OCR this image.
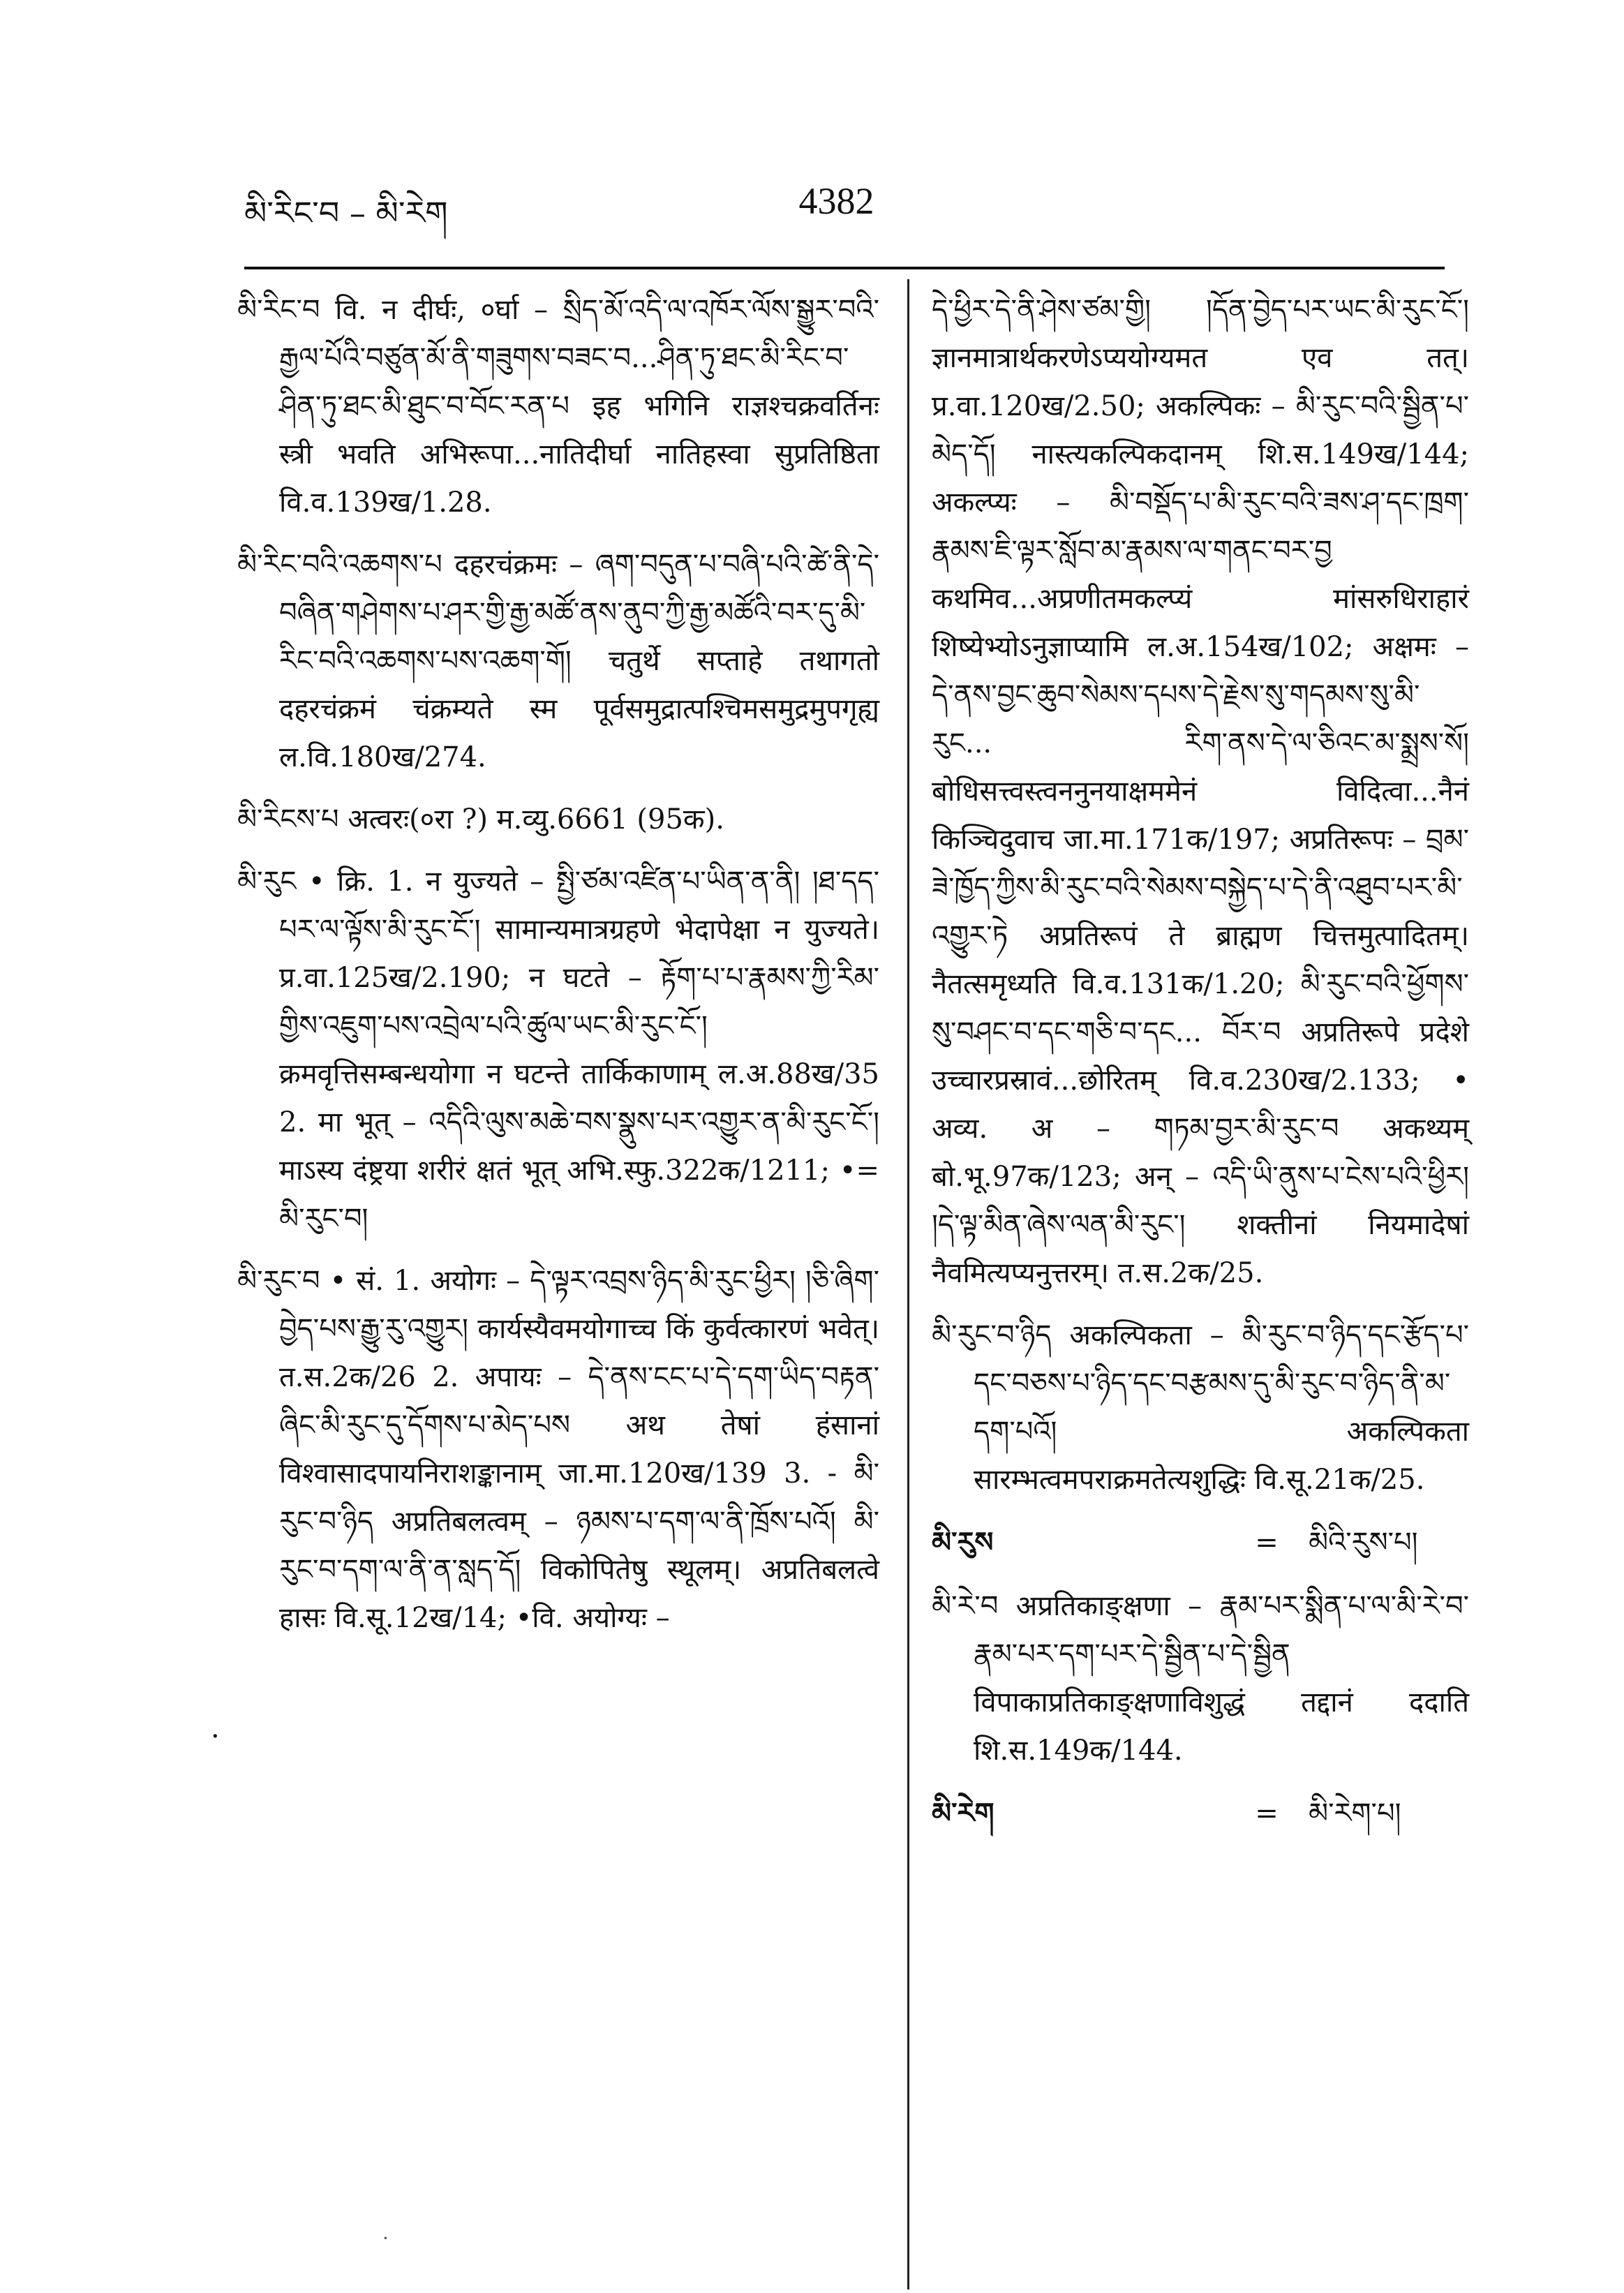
མི་རིང་བ – མི་རེག	4382

མི་རིང་བ वि. न दीर्घः, ०र्घा – སྲིད་མོ་འདི་ལ་འཁོར་ལོས་སྒྱུར་བའི་རྒྱལ་པོའི་བཙུན་མོ་ནི་གཟུགས་བཟང་བ...ཤིན་ཏུ་ཐང་མི་རིང་བ་ཤིན་ཏུ་ཐང་མི་ཐུང་བ་བོང་རན་པ इह भगिनि राज्ञश्चक्रवर्तिनः स्त्री भवति अभिरूपा...नातिदीर्घा नातिहस्वा सुप्रतिष्ठिता वि.व.139ख/1.28.

མི་རིང་བའི་འཆགས་པ दहरचंक्रमः – ཞག་བདུན་པ་བཞི་པའི་ཚེ་ནི་དེ་བཞིན་གཤེགས་པ་ཤར་གྱི་རྒྱ་མཚོ་ནས་ནུབ་ཀྱི་རྒྱ་མཚོའི་བར་དུ་མི་རིང་བའི་འཆགས་པས་འཆག་གོ། चतुर्थे सप्ताहे तथागतो दहरचंक्रमं चंक्रम्यते स्म पूर्वसमुद्रात्पश्चिमसमुद्रमुपगृह्य ल.वि.180ख/274.

མི་རིངས་པ अत्वरः(०रा ?) म.व्यु.6661 (95क).

མི་རུང • क्रि. 1. न युज्यते – སྤྱི་ཙམ་འཛིན་པ་ཡིན་ན་ནི། །ཐ་དད་པར་ལ་ལྟོས་མི་རུང་ངོ་། सामान्यमात्रग्रहणे भेदापेक्षा न युज्यते। प्र.वा.125ख/2.190; न घटते – རྟོག་པ་པ་རྣམས་ཀྱི་རིམ་གྱིས་འཇུག་པས་འབྲེལ་པའི་ཚུལ་ཡང་མི་རུང་ངོ་། क्रमवृत्तिसम्बन्धयोगा न घटन्ते तार्किकाणाम् ल.अ.88ख/35 2. मा भूत् – འདིའི་ལུས་མཆེ་བས་སྣུས་པར་འགྱུར་ན་མི་རུང་ངོ་། माऽस्य दंष्ट्रया शरीरं क्षतं भूत् अभि.स्फु.322क/1211; •= མི་རུང་བ།

མི་རུང་བ • सं. 1. अयोगः – དེ་ལྟར་འབྲས་ཉིད་མི་རུང་ཕྱིར། །ཅི་ཞིག་བྱེད་པས་རྒྱུ་རུ་འགྱུར། कार्यस्यैवमयोगाच्च किं कुर्वत्कारणं भवेत्। त.स.2क/26 2. अपायः – དེ་ནས་ངང་པ་དེ་དག་ཡིད་བརྟན་ཞིང་མི་རུང་དུ་དོགས་པ་མེད་པས अथ तेषां हंसानां विश्वासादपायनिराशङ्कानाम् जा.मा.120ख/139 3. - མི་རུང་བ་ཉིད अप्रतिबलत्वम् – ཉམས་པ་དག་ལ་ནི་ཁྲོས་པའོ། མི་རུང་བ་དག་ལ་ནི་ན་སླད་དོ། विकोपितेषु स्थूलम्। अप्रतिबलत्वे हासः वि.सू.12ख/14; •वि. अयोग्यः –

དེ་ཕྱིར་དེ་ནི་ཤེས་ཙམ་གྱི། །དོན་བྱེད་པར་ཡང་མི་རུང་ངོ་། ज्ञानमात्रार्थकरणेऽप्ययोग्यमत एव तत्। प्र.वा.120ख/2.50; अकल्पिकः – མི་རུང་བའི་སྦྱིན་པ་མེད་དོ། नास्त्यकल्पिकदानम् शि.स.149ख/144; अकल्प्यः – མི་བསྡོད་པ་མི་རུང་བའི་ཟས་ཤ་དང་ཁྲག་རྣམས་ཇི་ལྟར་སློབ་མ་རྣམས་ལ་གནང་བར་བྱ कथमिव...अप्रणीतमकल्प्यं मांसरुधिराहारं शिष्येभ्योऽनुज्ञाप्यामि ल.अ.154ख/102; अक्षमः – དེ་ནས་བྱང་ཆུབ་སེམས་དཔས་དེ་རྗེས་སུ་གདམས་སུ་མི་རུང... རིག་ནས་དེ་ལ་ཅིའང་མ་སྨྲས་སོ། बोधिसत्त्वस्त्वननुनयाक्षममेनं विदित्वा...नैनं किञ्चिदुवाच जा.मा.171क/197; अप्रतिरूपः – བྲམ་ཟེ་ཁྱོད་ཀྱིས་མི་རུང་བའི་སེམས་བསྐྱེད་པ་དེ་ནི་འཐུབ་པར་མི་འགྱུར་ཏེ अप्रतिरूपं ते ब्राह्मण चित्तमुत्पादितम्। नैतत्समृध्यति वि.व.131क/1.20; མི་རུང་བའི་ཕྱོགས་སུ་བཤང་བ་དང་གཅི་བ་དང... བོར་བ अप्रतिरूपे प्रदेशे उच्चारप्रस्रावं...छोरितम् वि.व.230ख/2.133; • अव्य. अ – གཏམ་བྱར་མི་རུང་བ अकथ्यम् बो.भू.97क/123; अन् – འདི་ཡི་ནུས་པ་ངེས་པའི་ཕྱིར། །དེ་ལྟ་མིན་ཞེས་ལན་མི་རུང་། शक्तीनां नियमादेषां नैवमित्यप्यनुत्तरम्। त.स.2क/25.

མི་རུང་བ་ཉིད अकल्पिकता – མི་རུང་བ་ཉིད་དང་རྩོད་པ་དང་བཅས་པ་ཉིད་དང་བརྩམས་དུ་མི་རུང་བ་ཉིད་ནི་མ་དག་པའོ། अकल्पिकता सारम्भत्वमपराक्रमतेत्यशुद्धिः वि.सू.21क/25.

མི་རུས	=	མིའི་རུས་པ།

མི་རེ་བ अप्रतिकाङ्क्षणा – རྣམ་པར་སྨིན་པ་ལ་མི་རེ་བ་རྣམ་པར་དག་པར་དེ་སྦྱིན་པ་དེ་སྦྱིན विपाकाप्रतिकाङ्क्षणाविशुद्धं तद्दानं ददाति शि.स.149क/144.

མི་རེག	=	མི་རེག་པ།
·
·
